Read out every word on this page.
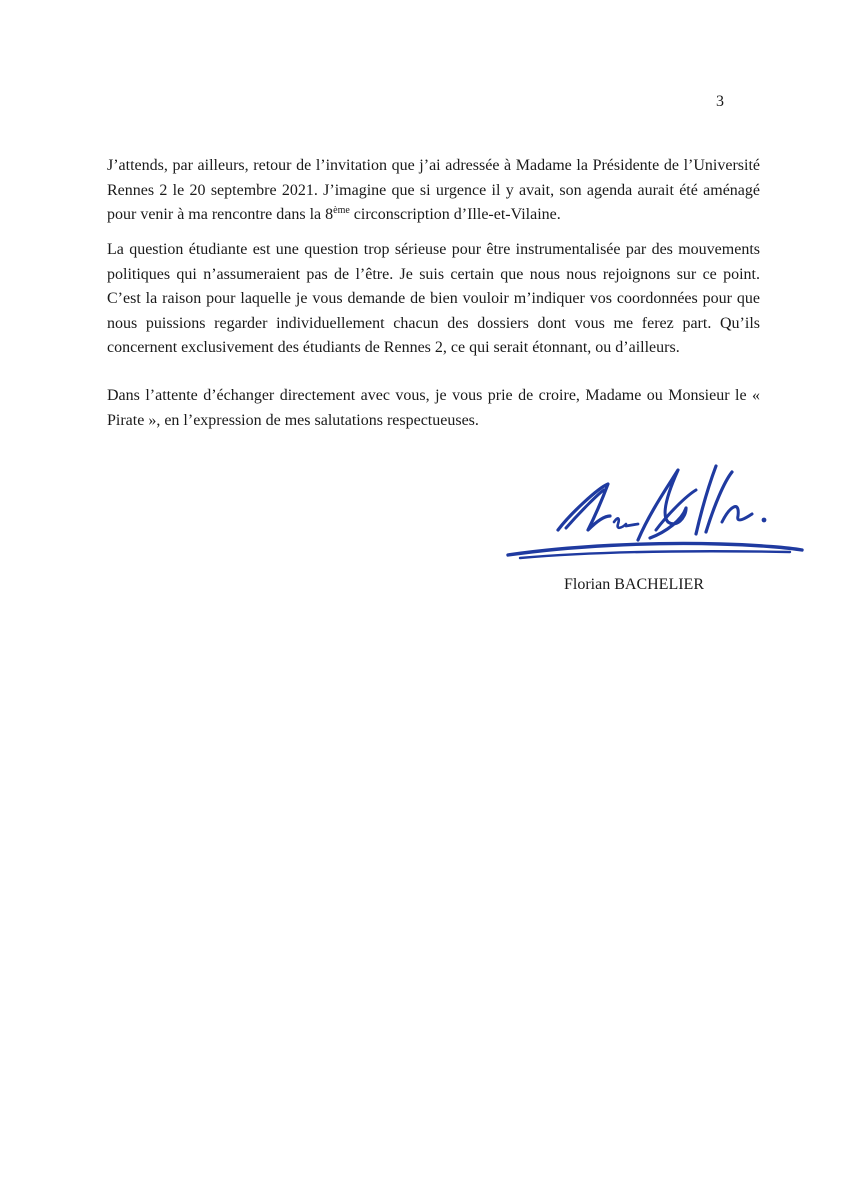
3

J’attends, par ailleurs, retour de l’invitation que j’ai adressée à Madame la Présidente de l’Université Rennes 2 le 20 septembre 2021. J’imagine que si urgence il y avait, son agenda aurait été aménagé pour venir à ma rencontre dans la 8ème circonscription d’Ille-et-Vilaine.

La question étudiante est une question trop sérieuse pour être instrumentalisée par des mouvements politiques qui n’assumeraient pas de l’être. Je suis certain que nous nous rejoignons sur ce point. C’est la raison pour laquelle je vous demande de bien vouloir m’indiquer vos coordonnées pour que nous puissions regarder individuellement chacun des dossiers dont vous me ferez part. Qu’ils concernent exclusivement des étudiants de Rennes 2, ce qui serait étonnant, ou d’ailleurs.

Dans l’attente d’échanger directement avec vous, je vous prie de croire, Madame ou Monsieur le « Pirate », en l’expression de mes salutations respectueuses.

Florian BACHELIER
